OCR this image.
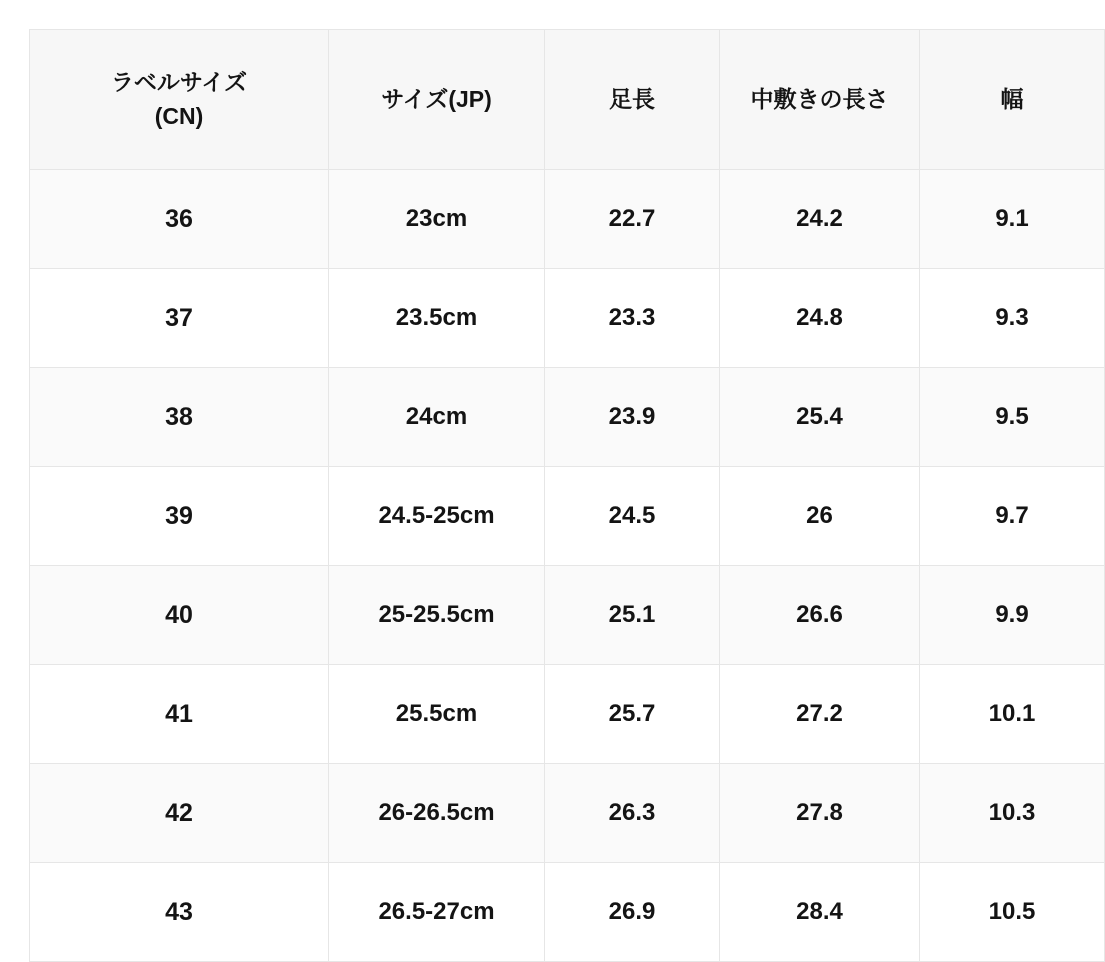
ラベルサイズ
(CN)	サイズ(JP)	足長	中敷きの長さ	幅

36	23cm	22.7	24.2	9.1
37	23.5cm	23.3	24.8	9.3
38	24cm	23.9	25.4	9.5
39	24.5-25cm	24.5	26	9.7
40	25-25.5cm	25.1	26.6	9.9
41	25.5cm	25.7	27.2	10.1
42	26-26.5cm	26.3	27.8	10.3
43	26.5-27cm	26.9	28.4	10.5
